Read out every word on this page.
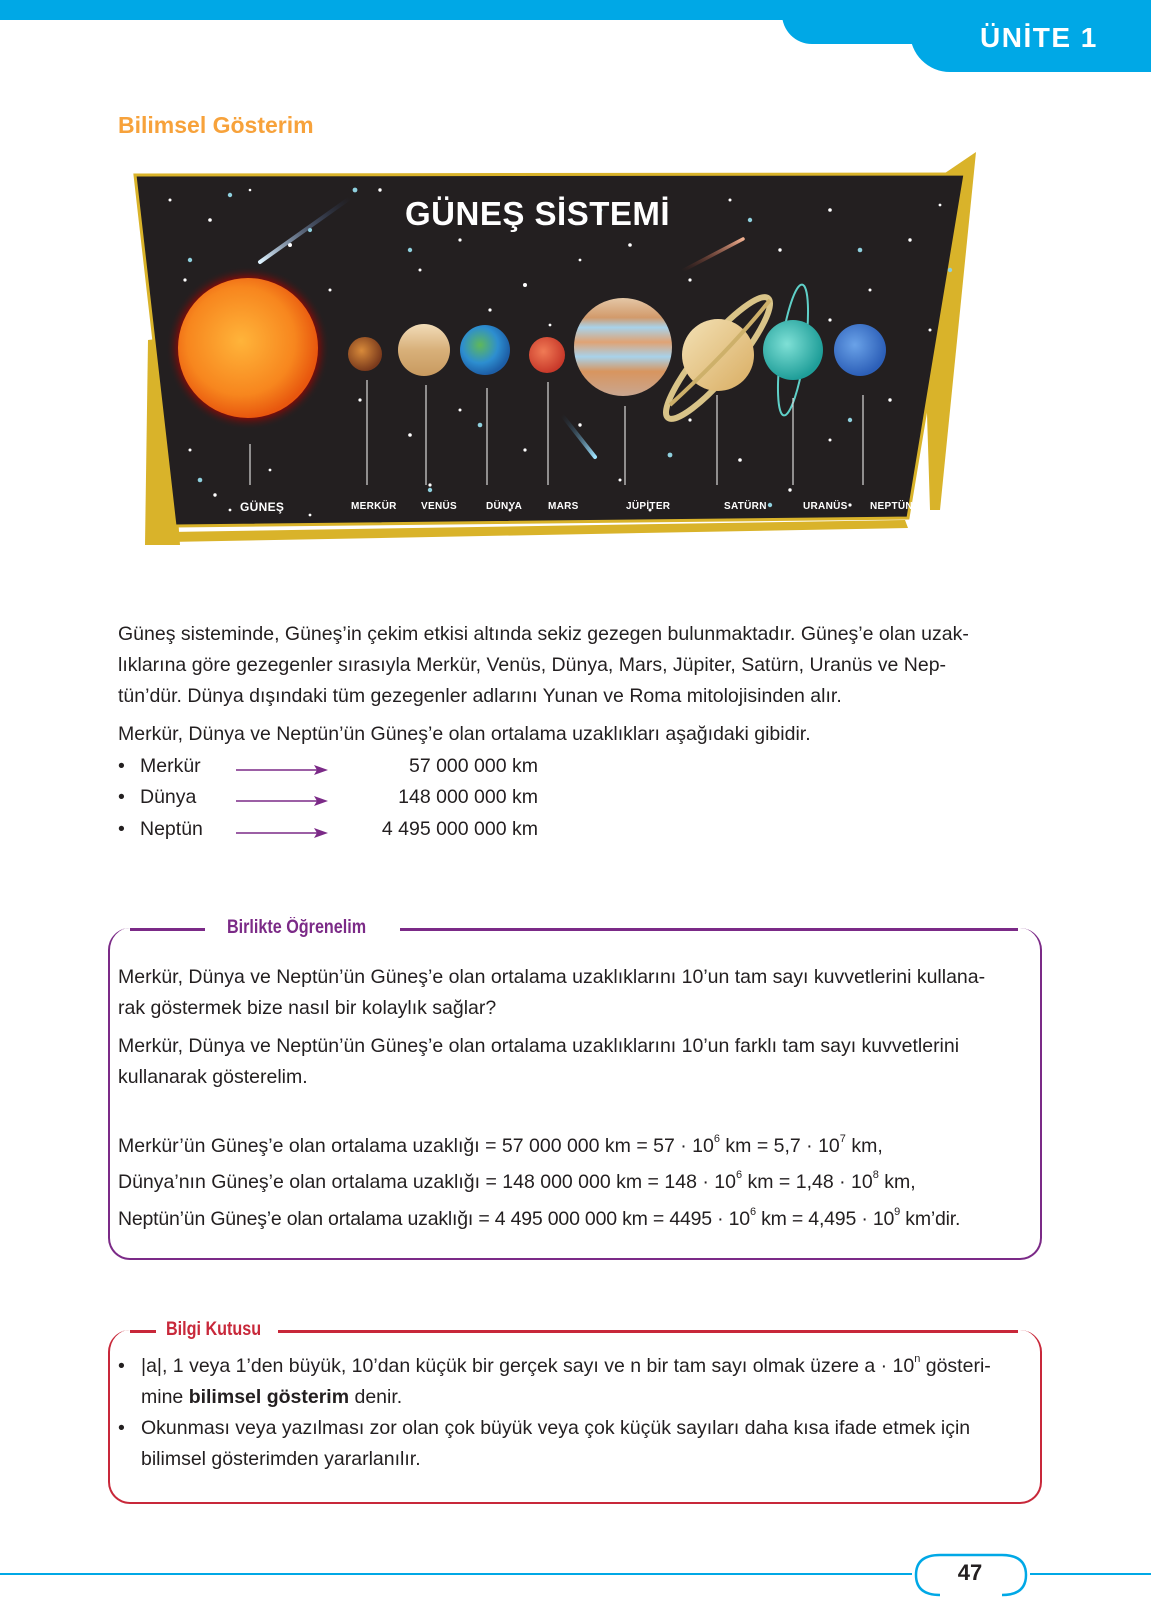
ÜNİTE 1
Bilimsel Gösterim
GÜNEŞ SİSTEMİ
GÜNEŞ	MERKÜR VENÜS	DÜNYA	MARS	JÜPİTER	SATÜRN	URANÜS NEPTÜN
Güneş sisteminde, Güneş’in çekim etkisi altında sekiz gezegen bulunmaktadır. Güneş’e olan uzak-
lıklarına göre gezegenler sırasıyla Merkür, Venüs, Dünya, Mars, Jüpiter, Satürn, Uranüs ve Nep-
tün’dür. Dünya dışındaki tüm gezegenler adlarını Yunan ve Roma mitolojisinden alır.
Merkür, Dünya ve Neptün’ün Güneş’e olan ortalama uzaklıkları aşağıdaki gibidir.
• Merkür	57 000 000 km
• Dünya	148 000 000 km
• Neptün	4 495 000 000 km
Birlikte Öğrenelim
Merkür, Dünya ve Neptün’ün Güneş’e olan ortalama uzaklıklarını 10’un tam sayı kuvvetlerini kullana-
rak göstermek bize nasıl bir kolaylık sağlar?
Merkür, Dünya ve Neptün’ün Güneş’e olan ortalama uzaklıklarını 10’un farklı tam sayı kuvvetlerini
kullanarak gösterelim.
Merkür’ün Güneş’e olan ortalama uzaklığı = 57 000 000 km = $57 \cdot 10^6$ km = $5,7 \cdot 10^7$ km,
Dünya’nın Güneş’e olan ortalama uzaklığı = 148 000 000 km = $148 \cdot 10^6$ km = $1,48 \cdot 10^8$ km,
Neptün’ün Güneş’e olan ortalama uzaklığı = 4 495 000 000 km = $4495 \cdot 10^6$ km = $4,495 \cdot 10^9$ km’dir.
Bilgi Kutusu
• |a|, 1 veya 1’den büyük, 10’dan küçük bir gerçek sayı ve n bir tam sayı olmak üzere $a \cdot 10^n$ gösteri-
mine bilimsel gösterim denir.
• Okunması veya yazılması zor olan çok büyük veya çok küçük sayıları daha kısa ifade etmek için
bilimsel gösterimden yararlanılır.
47
